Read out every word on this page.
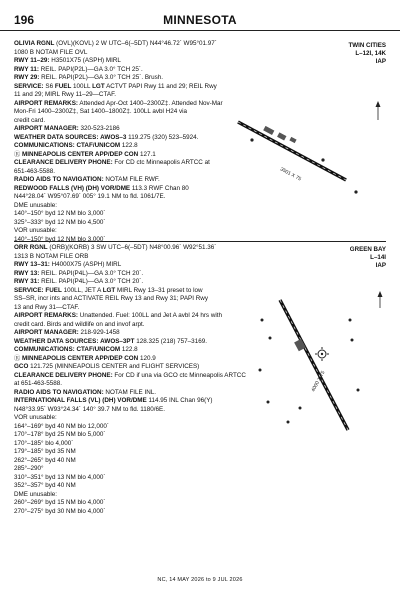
196	MINNESOTA
OLIVIA RGNL (OVL)(KOVL) 2 W UTC–6(–5DT) N44°46.72´ W95°01.97´
1080 B NOTAM FILE OVL
RWY 11–29: H3501X75 (ASPH) MIRL
RWY 11: REIL. PAPI(P2L)—GA 3.0° TCH 25´.
RWY 29: REIL. PAPI(P2L)—GA 3.0° TCH 25´. Brush.
SERVICE: S6 FUEL 100LL LGT ACTVT PAPI Rwy 11 and 29; REIL Rwy
11 and 29; MIRL Rwy 11–29—CTAF.
AIRPORT REMARKS: Attended Apr-Oct 1400–2300Z‡. Attended Nov-Mar
Mon-Fri 1400–2300Z‡, Sat 1400–1800Z‡. 100LL avbl H24 via
credit card.
AIRPORT MANAGER: 320-523-2186
WEATHER DATA SOURCES: AWOS–3 119.275 (320) 523–5924.
COMMUNICATIONS: CTAF/UNICOM 122.8
Ⓡ MINNEAPOLIS CENTER APP/DEP CON 127.1
CLEARANCE DELIVERY PHONE: For CD ctc Minneapolis ARTCC at
651-463-5588.
RADIO AIDS TO NAVIGATION: NOTAM FILE RWF.
REDWOOD FALLS (VH) (DH) VOR/DME 113.3 RWF Chan 80
N44°28.04´ W95°07.69´ 005° 19.1 NM to fld. 1061/7E.
DME unusable:
140°–150° byd 12 NM blo 3,000´
325°–333° byd 12 NM blo 4,500´
VOR unusable:
140°–150° byd 12 NM blo 3,000´
TWIN CITIES
L–12I, 14K
IAP
3501 X 75
ORR RGNL (ORB)(KORB) 3 SW UTC–6(–5DT) N48°00.96´ W92°51.36´
1313 B NOTAM FILE ORB
RWY 13–31: H4000X75 (ASPH) MIRL
RWY 13: REIL. PAPI(P4L)—GA 3.0° TCH 20´.
RWY 31: REIL. PAPI(P4L)—GA 3.0° TCH 20´.
SERVICE: FUEL 100LL, JET A LGT MIRL Rwy 13–31 preset to low
SS–SR, incr ints and ACTIVATE REIL Rwy 13 and Rwy 31; PAPI Rwy
13 and Rwy 31—CTAF.
AIRPORT REMARKS: Unattended. Fuel: 100LL and Jet A avbl 24 hrs with
credit card. Birds and wildlife on and invof arpt.
AIRPORT MANAGER: 218-929-1458
WEATHER DATA SOURCES: AWOS–3PT 128.325 (218) 757–3169.
COMMUNICATIONS: CTAF/UNICOM 122.8
Ⓡ MINNEAPOLIS CENTER APP/DEP CON 120.9
GCO 121.725 (MINNEAPOLIS CENTER and FLIGHT SERVICES)
CLEARANCE DELIVERY PHONE: For CD if una via GCO ctc Minneapolis ARTCC
at 651-463-5588.
RADIO AIDS TO NAVIGATION: NOTAM FILE INL.
INTERNATIONAL FALLS (VL) (DH) VOR/DME 114.95 INL Chan 96(Y)
N48°33.95´ W93°24.34´ 140° 39.7 NM to fld. 1180/6E.
VOR unusable:
164°–169° byd 40 NM blo 12,000´
170°–178° byd 25 NM blo 5,000´
170°–185° blo 4,000´
179°–185° byd 35 NM
262°–265° byd 40 NM
285°–290°
310°–351° byd 13 NM blo 4,000´
352°–357° byd 40 NM
DME unusable:
260°–269° byd 15 NM blo 4,000´
270°–275° byd 30 NM blo 4,000´
GREEN BAY
L–14I
IAP
4000 X 75
NC, 14 MAY 2026 to 9 JUL 2026
